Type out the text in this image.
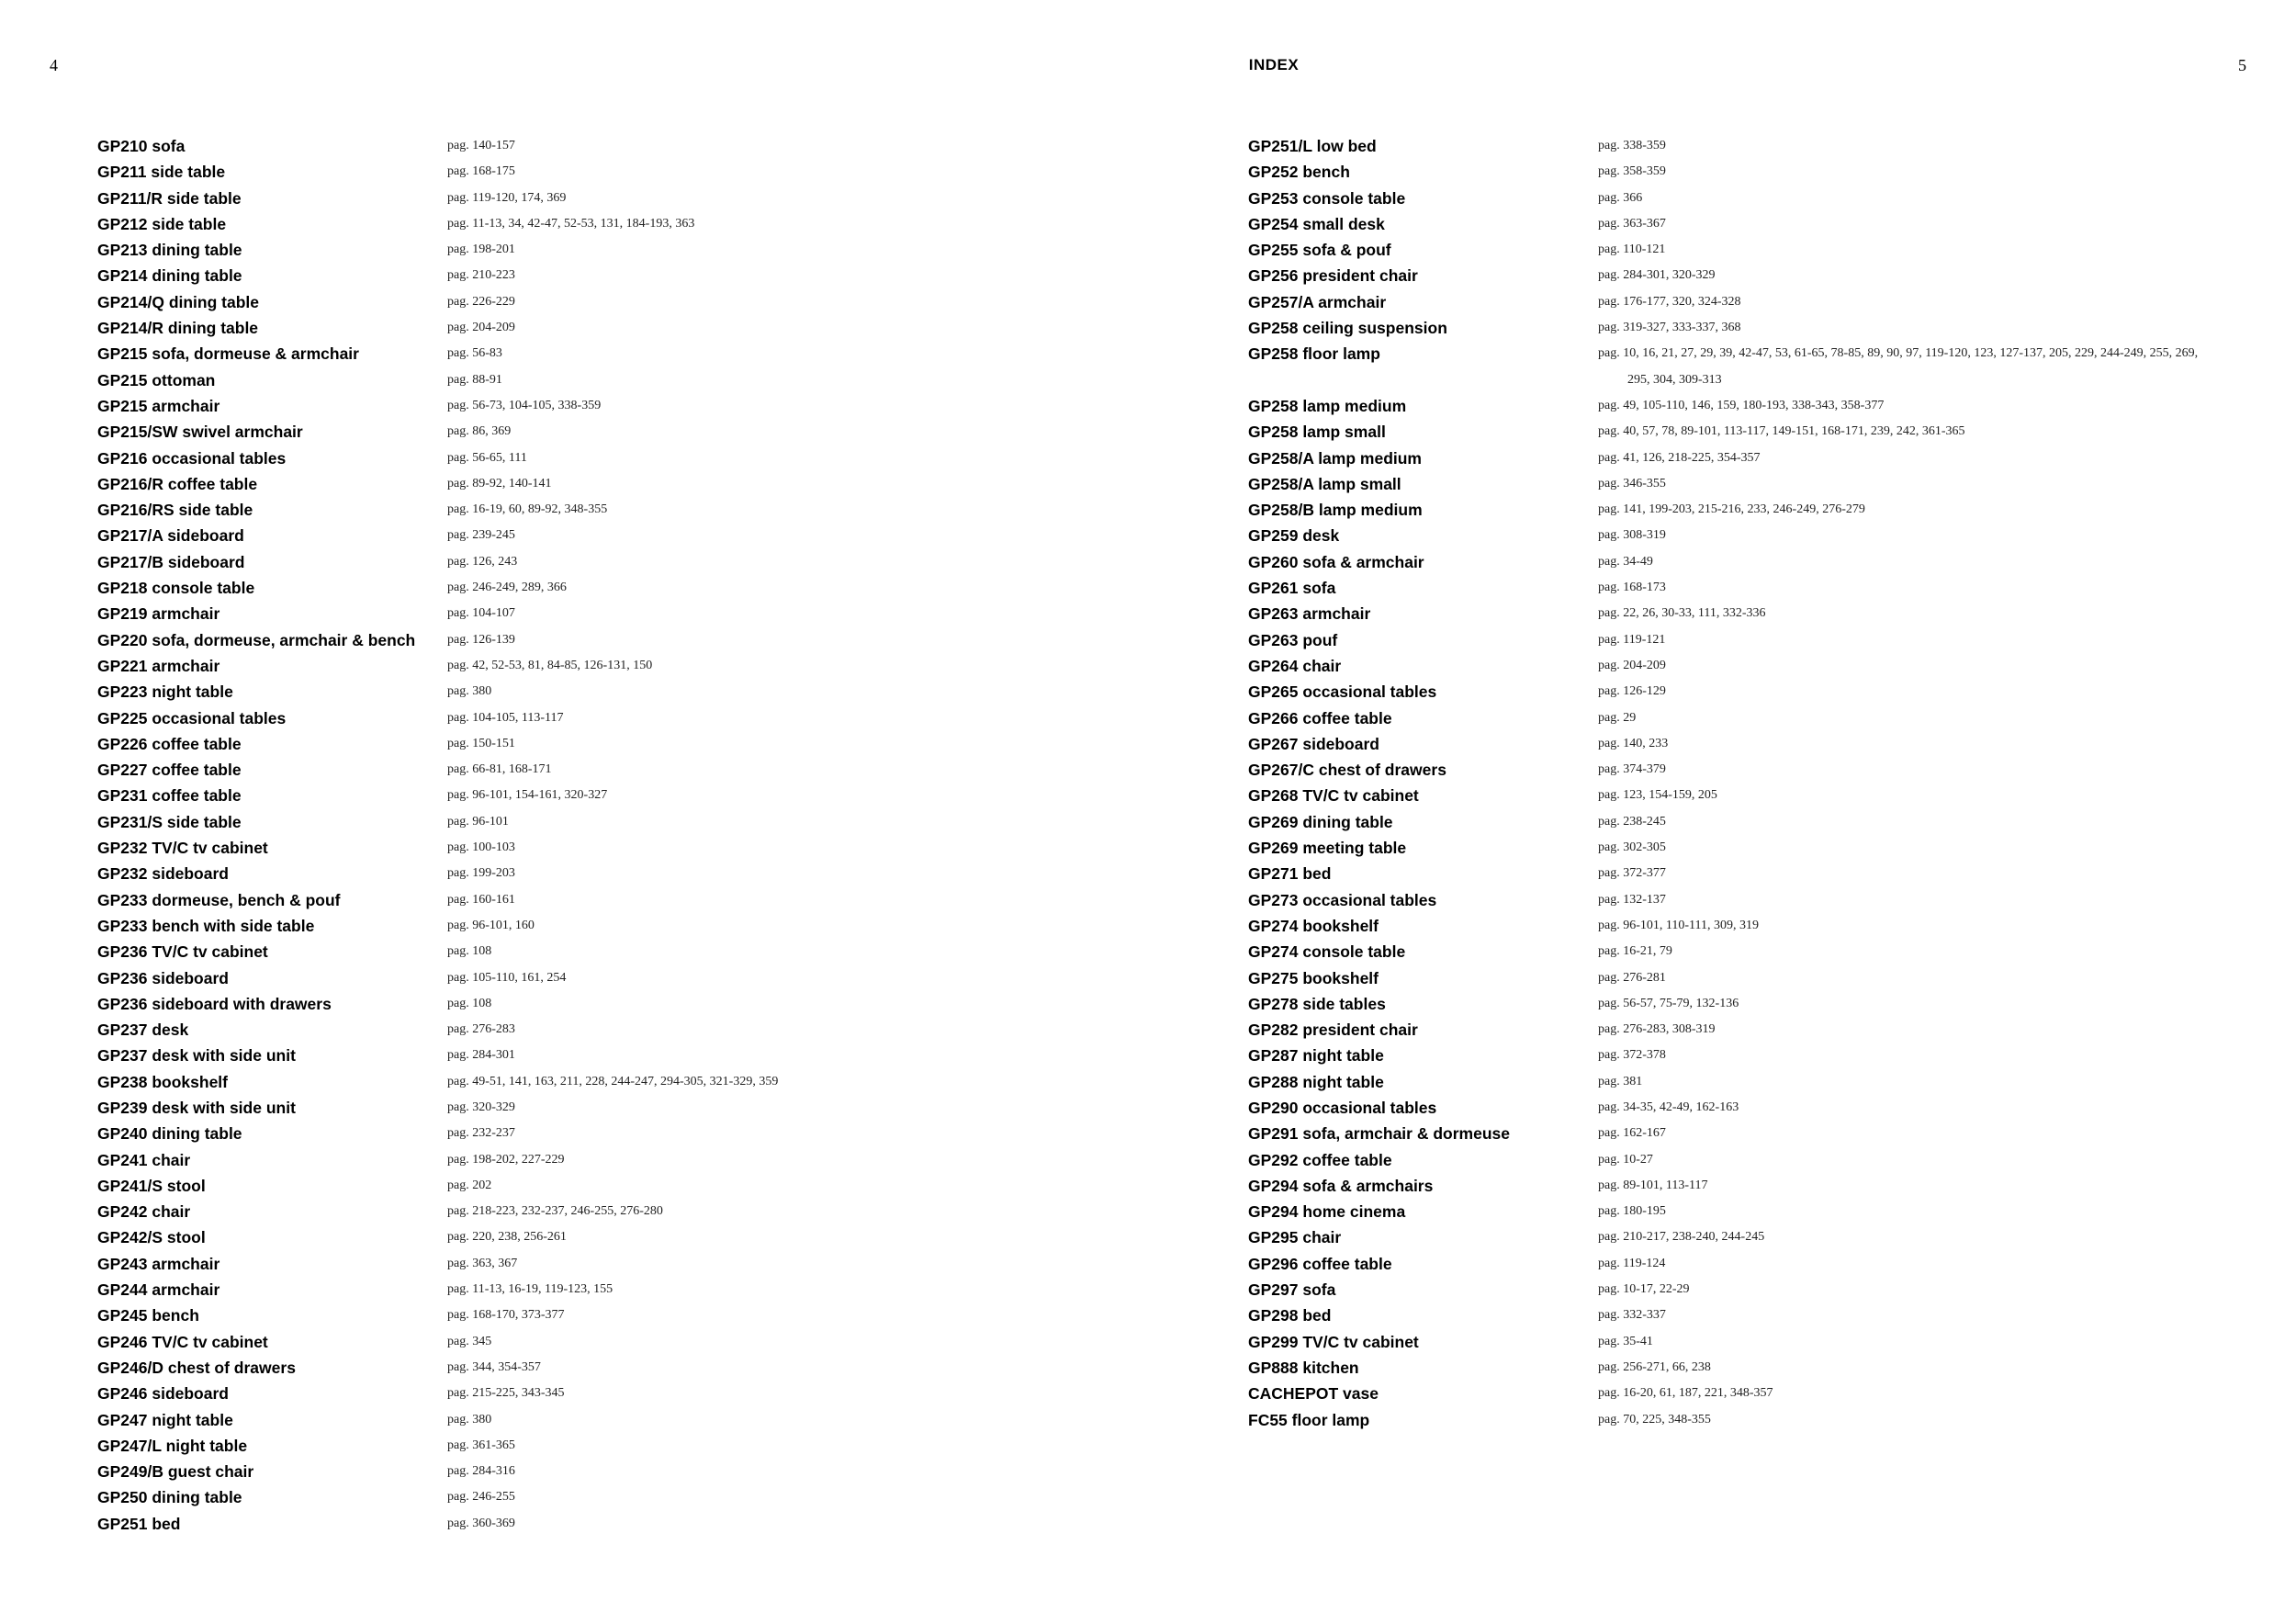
4	INDEX	5
GP210 sofa	pag. 140-157
GP211 side table	pag. 168-175
GP211/R side table	pag. 119-120, 174, 369
GP212 side table	pag. 11-13, 34, 42-47, 52-53, 131, 184-193, 363
GP213 dining table	pag. 198-201
GP214 dining table	pag. 210-223
GP214/Q dining table	pag. 226-229
GP214/R dining table	pag. 204-209
GP215 sofa, dormeuse & armchair	pag. 56-83
GP215 ottoman	pag. 88-91
GP215 armchair	pag. 56-73, 104-105, 338-359
GP215/SW swivel armchair	pag. 86, 369
GP216 occasional tables	pag. 56-65, 111
GP216/R coffee table	pag. 89-92, 140-141
GP216/RS side table	pag. 16-19, 60, 89-92, 348-355
GP217/A sideboard	pag. 239-245
GP217/B sideboard	pag. 126, 243
GP218 console table	pag. 246-249, 289, 366
GP219 armchair	pag. 104-107
GP220 sofa, dormeuse, armchair & bench	pag. 126-139
GP221 armchair	pag. 42, 52-53, 81, 84-85, 126-131, 150
GP223 night table	pag. 380
GP225 occasional tables	pag. 104-105, 113-117
GP226 coffee table	pag. 150-151
GP227 coffee table	pag. 66-81, 168-171
GP231 coffee table	pag. 96-101, 154-161, 320-327
GP231/S side table	pag. 96-101
GP232 TV/C tv cabinet	pag. 100-103
GP232 sideboard	pag. 199-203
GP233 dormeuse, bench & pouf	pag. 160-161
GP233 bench with side table	pag. 96-101, 160
GP236 TV/C tv cabinet	pag. 108
GP236 sideboard	pag. 105-110, 161, 254
GP236 sideboard with drawers	pag. 108
GP237 desk	pag. 276-283
GP237 desk with side unit	pag. 284-301
GP238 bookshelf	pag. 49-51, 141, 163, 211, 228, 244-247, 294-305, 321-329, 359
GP239 desk with side unit	pag. 320-329
GP240 dining table	pag. 232-237
GP241 chair	pag. 198-202, 227-229
GP241/S stool	pag. 202
GP242 chair	pag. 218-223, 232-237, 246-255, 276-280
GP242/S stool	pag. 220, 238, 256-261
GP243 armchair	pag. 363, 367
GP244 armchair	pag. 11-13, 16-19, 119-123, 155
GP245 bench	pag. 168-170, 373-377
GP246 TV/C tv cabinet	pag. 345
GP246/D chest of drawers	pag. 344, 354-357
GP246 sideboard	pag. 215-225, 343-345
GP247 night table	pag. 380
GP247/L night table	pag. 361-365
GP249/B guest chair	pag. 284-316
GP250 dining table	pag. 246-255
GP251 bed	pag. 360-369
GP251/L low bed	pag. 338-359
GP252 bench	pag. 358-359
GP253 console table	pag. 366
GP254 small desk	pag. 363-367
GP255 sofa & pouf	pag. 110-121
GP256 president chair	pag. 284-301, 320-329
GP257/A armchair	pag. 176-177, 320, 324-328
GP258 ceiling suspension	pag. 319-327, 333-337, 368
GP258 floor lamp	pag. 10, 16, 21, 27, 29, 39, 42-47, 53, 61-65, 78-85, 89, 90, 97, 119-120, 123, 127-137, 205, 229, 244-249, 255, 269, 295, 304, 309-313
GP258 lamp medium	pag. 49, 105-110, 146, 159, 180-193, 338-343, 358-377
GP258 lamp small	pag. 40, 57, 78, 89-101, 113-117, 149-151, 168-171, 239, 242, 361-365
GP258/A lamp medium	pag. 41, 126, 218-225, 354-357
GP258/A lamp small	pag. 346-355
GP258/B lamp medium	pag. 141, 199-203, 215-216, 233, 246-249, 276-279
GP259 desk	pag. 308-319
GP260 sofa & armchair	pag. 34-49
GP261 sofa	pag. 168-173
GP263 armchair	pag. 22, 26, 30-33, 111, 332-336
GP263 pouf	pag. 119-121
GP264 chair	pag. 204-209
GP265 occasional tables	pag. 126-129
GP266 coffee table	pag. 29
GP267 sideboard	pag. 140, 233
GP267/C chest of drawers	pag. 374-379
GP268 TV/C tv cabinet	pag. 123, 154-159, 205
GP269 dining table	pag. 238-245
GP269 meeting table	pag. 302-305
GP271 bed	pag. 372-377
GP273 occasional tables	pag. 132-137
GP274 bookshelf	pag. 96-101, 110-111, 309, 319
GP274 console table	pag. 16-21, 79
GP275 bookshelf	pag. 276-281
GP278 side tables	pag. 56-57, 75-79, 132-136
GP282 president chair	pag. 276-283, 308-319
GP287 night table	pag. 372-378
GP288 night table	pag. 381
GP290 occasional tables	pag. 34-35, 42-49, 162-163
GP291 sofa, armchair & dormeuse	pag. 162-167
GP292 coffee table	pag. 10-27
GP294 sofa & armchairs	pag. 89-101, 113-117
GP294 home cinema	pag. 180-195
GP295 chair	pag. 210-217, 238-240, 244-245
GP296 coffee table	pag. 119-124
GP297 sofa	pag. 10-17, 22-29
GP298 bed	pag. 332-337
GP299 TV/C tv cabinet	pag. 35-41
GP888 kitchen	pag. 256-271, 66, 238
CACHEPOT vase	pag. 16-20, 61, 187, 221, 348-357
FC55 floor lamp	pag. 70, 225, 348-355
